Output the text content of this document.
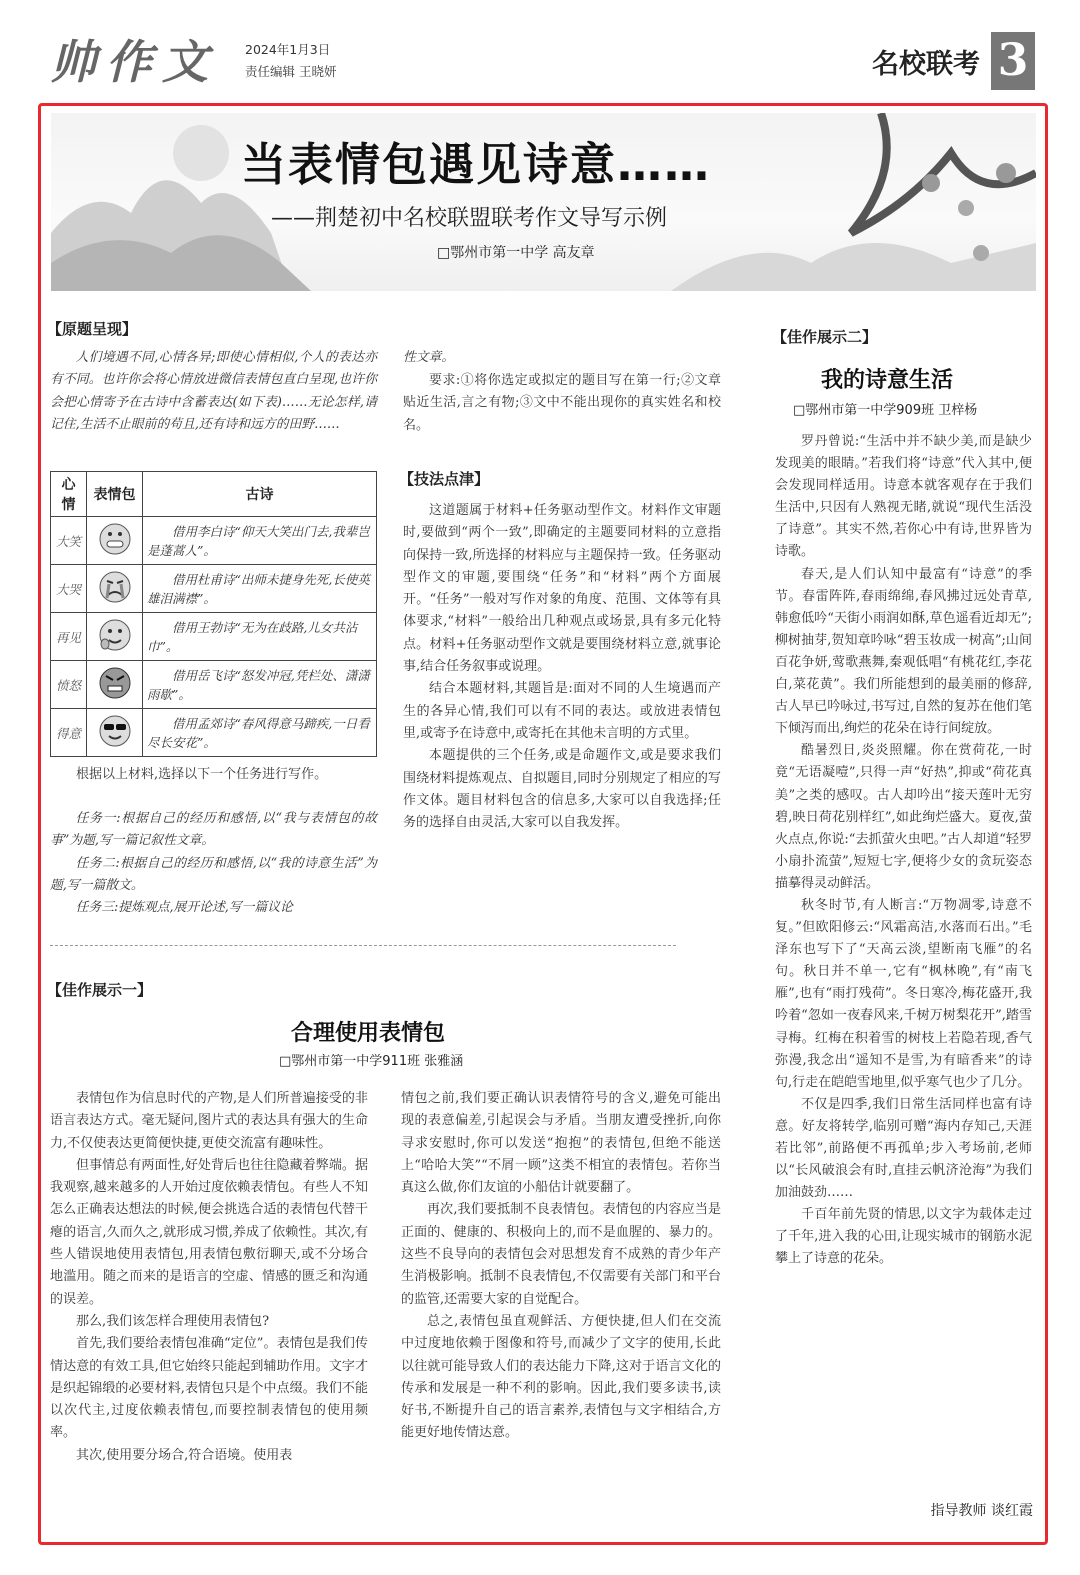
帅作文 2024年1月3日
责任编辑 王晓妍	名校联考 3
当表情包遇见诗意……
——荆楚初中名校联盟联考作文导写示例
□鄂州市第一中学 高友章
【原题呈现】

人们境遇不同,心情各异;即使心情相似,个人的表达亦有不同。也许你会将心情放进微信表情包直白呈现,也许你会把心情寄予在古诗中含蓄表达(如下表)……无论怎样,请记住,生活不止眼前的苟且,还有诗和远方的田野……

心情	表情包	古诗
大笑		借用李白诗“仰天大笑出门去,我辈岂是蓬蒿人”。
大哭		借用杜甫诗“出师未捷身先死,长使英雄泪满襟”。
再见		借用王勃诗“无为在歧路,儿女共沾巾”。
愤怒		借用岳飞诗“怒发冲冠,凭栏处、潇潇雨歇”。
得意		借用孟郊诗“春风得意马蹄疾,一日看尽长安花”。

根据以上材料,选择以下一个任务进行写作。

任务一:根据自己的经历和感悟,以“我与表情包的故事”为题,写一篇记叙性文章。

任务二:根据自己的经历和感悟,以“我的诗意生活”为题,写一篇散文。

任务三:提炼观点,展开论述,写一篇议论

性文章。

要求:①将你选定或拟定的题目写在第一行;②文章贴近生活,言之有物;③文中不能出现你的真实姓名和校名。

【技法点津】

这道题属于材料+任务驱动型作文。材料作文审题时,要做到“两个一致”,即确定的主题要同材料的立意指向保持一致,所选择的材料应与主题保持一致。任务驱动型作文的审题,要围绕“任务”和“材料”两个方面展开。“任务”一般对写作对象的角度、范围、文体等有具体要求,“材料”一般给出几种观点或场景,具有多元化特点。材料+任务驱动型作文就是要围绕材料立意,就事论事,结合任务叙事或说理。

结合本题材料,其题旨是:面对不同的人生境遇而产生的各异心情,我们可以有不同的表达。或放进表情包里,或寄予在诗意中,或寄托在其他未言明的方式里。

本题提供的三个任务,或是命题作文,或是要求我们围绕材料提炼观点、自拟题目,同时分别规定了相应的写作文体。题目材料包含的信息多,大家可以自我选择;任务的选择自由灵活,大家可以自我发挥。

【佳作展示一】
合理使用表情包
□鄂州市第一中学911班 张雅涵

表情包作为信息时代的产物,是人们所普遍接受的非语言表达方式。毫无疑问,图片式的表达具有强大的生命力,不仅使表达更简便快捷,更使交流富有趣味性。

但事情总有两面性,好处背后也往往隐藏着弊端。据我观察,越来越多的人开始过度依赖表情包。有些人不知怎么正确表达想法的时候,便会挑选合适的表情包代替干瘪的语言,久而久之,就形成习惯,养成了依赖性。其次,有些人错误地使用表情包,用表情包敷衍聊天,或不分场合地滥用。随之而来的是语言的空虚、情感的匮乏和沟通的误差。

那么,我们该怎样合理使用表情包?

首先,我们要给表情包准确“定位”。表情包是我们传情达意的有效工具,但它始终只能起到辅助作用。文字才是织起锦缎的必要材料,表情包只是个中点缀。我们不能以次代主,过度依赖表情包,而要控制表情包的使用频率。

其次,使用要分场合,符合语境。使用表

情包之前,我们要正确认识表情符号的含义,避免可能出现的表意偏差,引起误会与矛盾。当朋友遭受挫折,向你寻求安慰时,你可以发送“抱抱”的表情包,但绝不能送上“哈哈大笑”“不屑一顾”这类不相宜的表情包。若你当真这么做,你们友谊的小船估计就要翻了。

再次,我们要抵制不良表情包。表情包的内容应当是正面的、健康的、积极向上的,而不是血腥的、暴力的。这些不良导向的表情包会对思想发育不成熟的青少年产生消极影响。抵制不良表情包,不仅需要有关部门和平台的监管,还需要大家的自觉配合。

总之,表情包虽直观鲜活、方便快捷,但人们在交流中过度地依赖于图像和符号,而减少了文字的使用,长此以往就可能导致人们的表达能力下降,这对于语言文化的传承和发展是一种不利的影响。因此,我们要多读书,读好书,不断提升自己的语言素养,表情包与文字相结合,方能更好地传情达意。

【佳作展示二】
我的诗意生活
□鄂州市第一中学909班 卫梓杨

罗丹曾说:“生活中并不缺少美,而是缺少发现美的眼睛。”若我们将“诗意”代入其中,便会发现同样适用。诗意本就客观存在于我们生活中,只因有人熟视无睹,就说“现代生活没了诗意”。其实不然,若你心中有诗,世界皆为诗歌。

春天,是人们认知中最富有“诗意”的季节。春雷阵阵,春雨绵绵,春风拂过远处青草,韩愈低吟“天街小雨润如酥,草色遥看近却无”;柳树抽芽,贺知章吟咏“碧玉妆成一树高”;山间百花争妍,莺歌燕舞,秦观低唱“有桃花红,李花白,菜花黄”。我们所能想到的最美丽的修辞,古人早已吟咏过,书写过,自然的复苏在他们笔下倾泻而出,绚烂的花朵在诗行间绽放。

酷暑烈日,炎炎照耀。你在赏荷花,一时竟“无语凝噎”,只得一声“好热”,抑或“荷花真美”之类的感叹。古人却吟出“接天莲叶无穷碧,映日荷花别样红”,如此绚烂盛大。夏夜,萤火点点,你说:“去抓萤火虫吧。”古人却道“轻罗小扇扑流萤”,短短七字,便将少女的贪玩姿态描摹得灵动鲜活。

秋冬时节,有人断言:“万物凋零,诗意不复。”但欧阳修云:“风霜高洁,水落而石出。”毛泽东也写下了“天高云淡,望断南飞雁”的名句。秋日并不单一,它有“枫林晚”,有“南飞雁”,也有“雨打残荷”。冬日寒冷,梅花盛开,我吟着“忽如一夜春风来,千树万树梨花开”,踏雪寻梅。红梅在积着雪的树枝上若隐若现,香气弥漫,我念出“遥知不是雪,为有暗香来”的诗句,行走在皑皑雪地里,似乎寒气也少了几分。

不仅是四季,我们日常生活同样也富有诗意。好友将转学,临别可赠“海内存知己,天涯若比邻”,前路便不再孤单;步入考场前,老师以“长风破浪会有时,直挂云帆济沧海”为我们加油鼓劲……

千百年前先贤的情思,以文字为载体走过了千年,进入我的心田,让现实城市的钢筋水泥攀上了诗意的花朵。

指导教师 谈红霞
